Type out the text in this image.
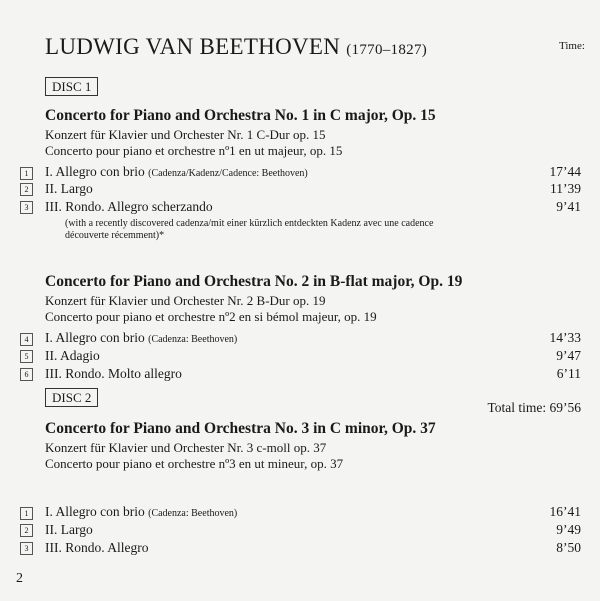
LUDWIG VAN BEETHOVEN (1770–1827)	Time:
DISC 1
Concerto for Piano and Orchestra No. 1 in C major, Op. 15
Konzert für Klavier und Orchester Nr. 1 C-Dur op. 15
Concerto pour piano et orchestre nº1 en ut majeur, op. 15
1	I. Allegro con brio (Cadenza/Kadenz/Cadence: Beethoven)	17’44
2	II. Largo	11’39
3	III. Rondo. Allegro scherzando	9’41
(with a recently discovered cadenza/mit einer kürzlich entdeckten Kadenz avec une cadence découverte récemment)*
Concerto for Piano and Orchestra No. 2 in B-flat major, Op. 19
Konzert für Klavier und Orchester Nr. 2 B-Dur op. 19
Concerto pour piano et orchestre nº2 en si bémol majeur, op. 19
4	I. Allegro con brio (Cadenza: Beethoven)	14’33
5	II. Adagio	9’47
6	III. Rondo. Molto allegro	6’11
Total time: 69’56
DISC 2
Concerto for Piano and Orchestra No. 3 in C minor, Op. 37
Konzert für Klavier und Orchester Nr. 3 c-moll op. 37
Concerto pour piano et orchestre nº3 en ut mineur, op. 37
1	I. Allegro con brio (Cadenza: Beethoven)	16’41
2	II. Largo	9’49
3	III. Rondo. Allegro	8’50
2
